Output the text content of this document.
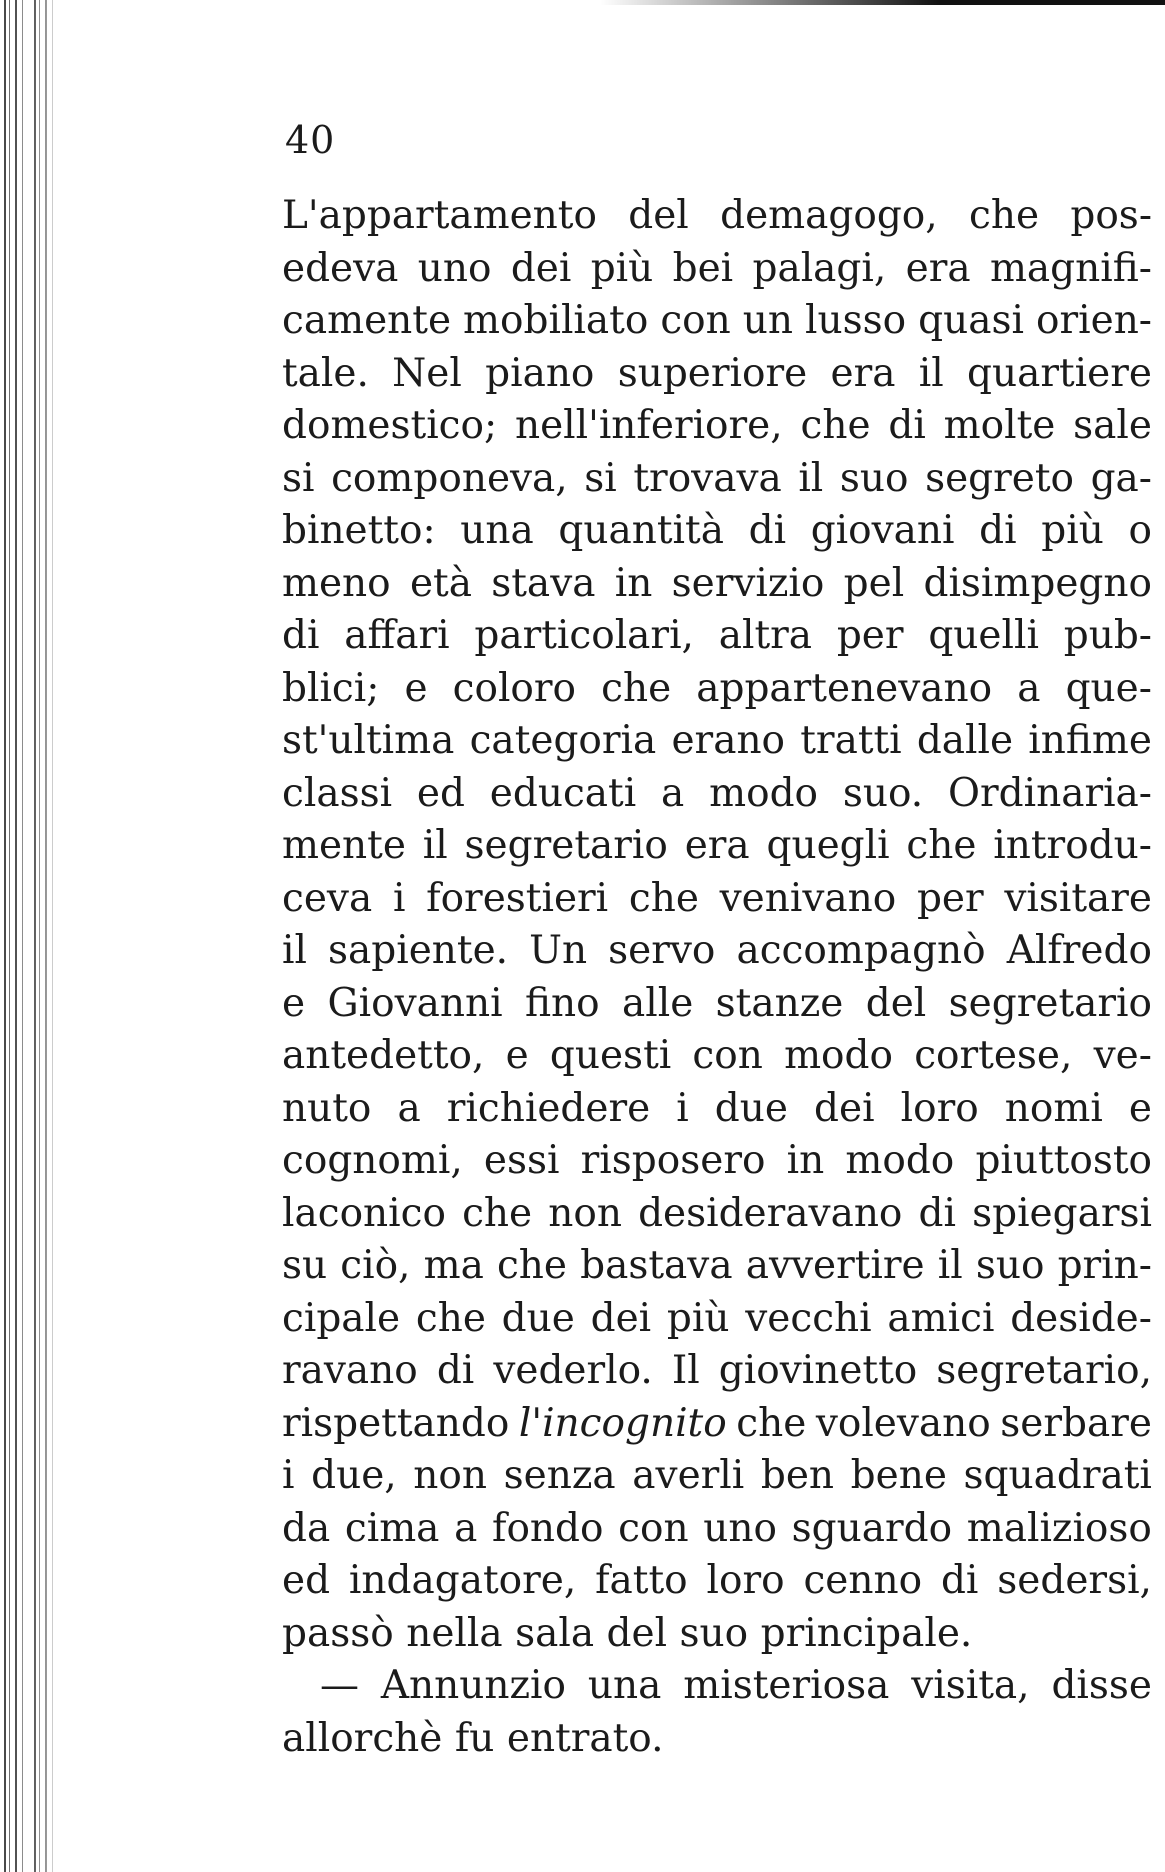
40
L'appartamento del demagogo, che pos-
edeva uno dei più bei palagi, era magnifi-
camente mobiliato con un lusso quasi orien-
tale. Nel piano superiore era il quartiere
domestico; nell'inferiore, che di molte sale
si componeva, si trovava il suo segreto ga-
binetto: una quantità di giovani di più o
meno età stava in servizio pel disimpegno
di affari particolari, altra per quelli pub-
blici; e coloro che appartenevano a que-
st'ultima categoria erano tratti dalle infime
classi ed educati a modo suo. Ordinaria-
mente il segretario era quegli che introdu-
ceva i forestieri che venivano per visitare
il sapiente. Un servo accompagnò Alfredo
e Giovanni fino alle stanze del segretario
antedetto, e questi con modo cortese, ve-
nuto a richiedere i due dei loro nomi e
cognomi, essi risposero in modo piuttosto
laconico che non desideravano di spiegarsi
su ciò, ma che bastava avvertire il suo prin-
cipale che due dei più vecchi amici deside-
ravano di vederlo. Il giovinetto segretario,
rispettando l'incognito che volevano serbare
i due, non senza averli ben bene squadrati
da cima a fondo con uno sguardo malizioso
ed indagatore, fatto loro cenno di sedersi,
passò nella sala del suo principale.
— Annunzio una misteriosa visita, disse
allorchè fu entrato.
